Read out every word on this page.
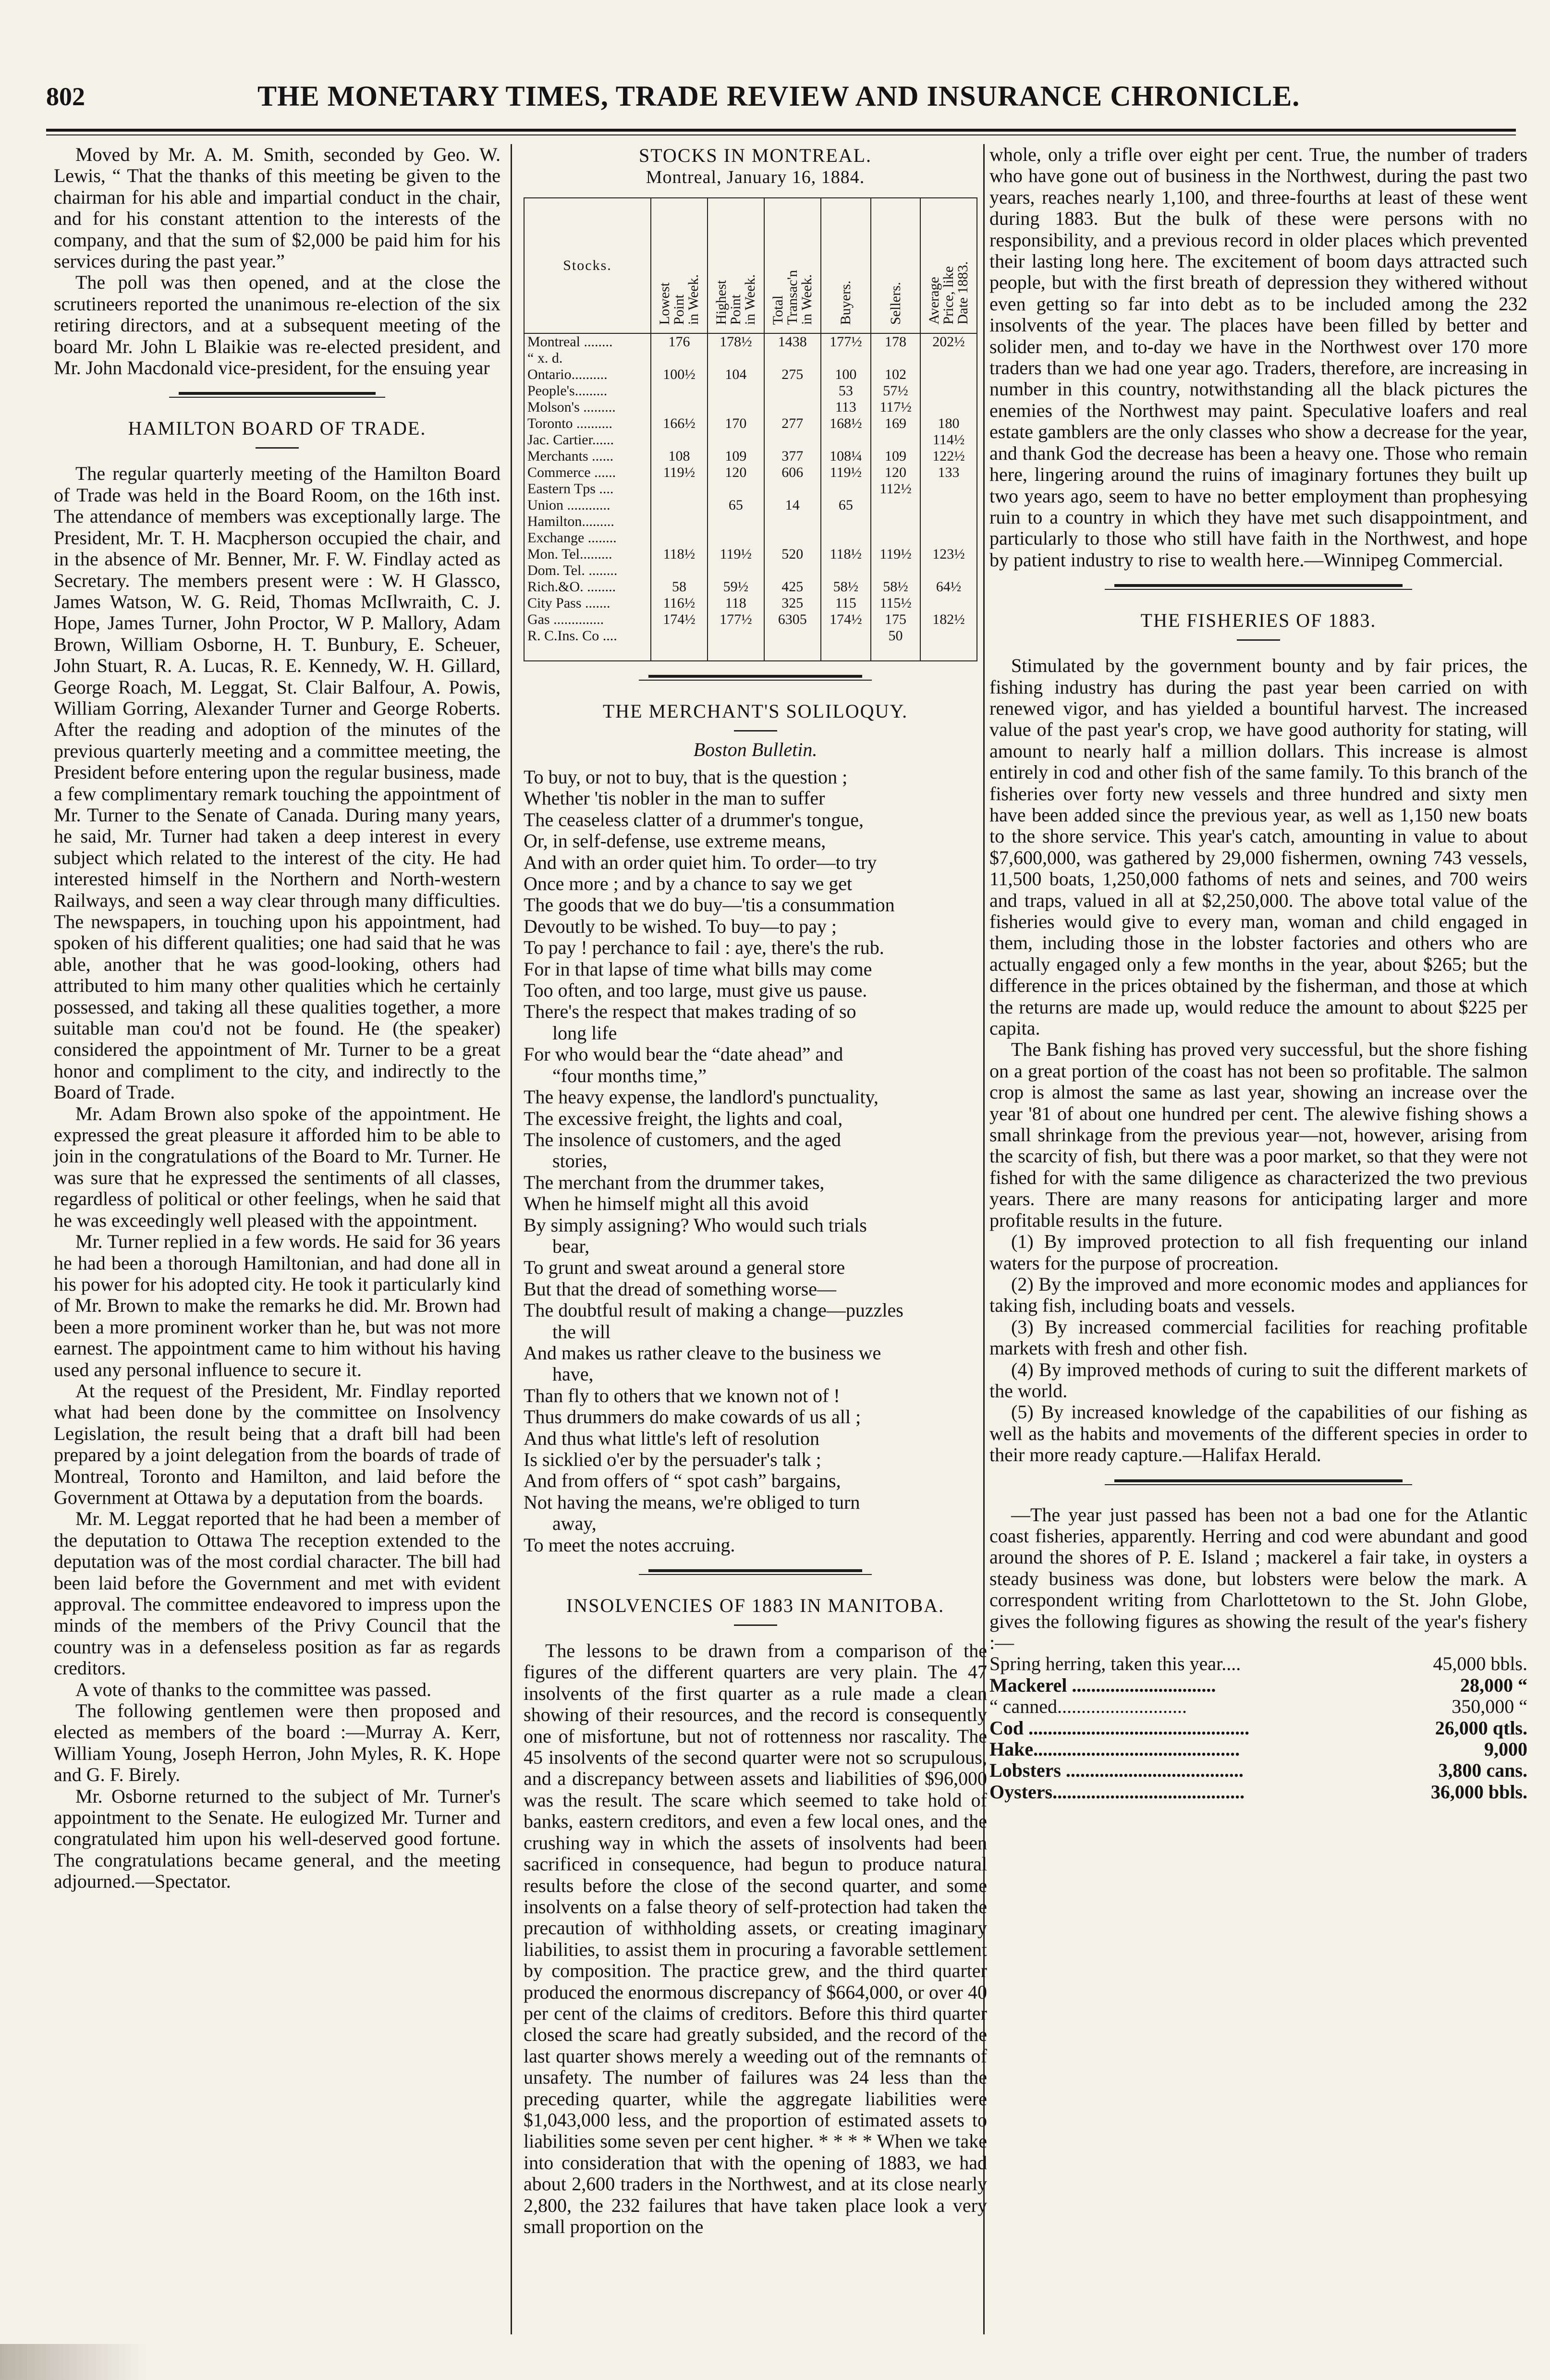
802	THE MONETARY TIMES, TRADE REVIEW AND INSURANCE CHRONICLE.

Moved by Mr. A. M. Smith, seconded by Geo. W. Lewis, “ That the thanks of this meeting be given to the chairman for his able and impartial conduct in the chair, and for his constant attention to the interests of the company, and that the sum of $2,000 be paid him for his services during the past year.”

The poll was then opened, and at the close the scrutineers reported the unanimous re-election of the six retiring directors, and at a subsequent meeting of the board Mr. John L Blaikie was re-elected president, and Mr. John Macdonald vice-president, for the ensuing year

HAMILTON BOARD OF TRADE.

The regular quarterly meeting of the Hamilton Board of Trade was held in the Board Room, on the 16th inst. The attendance of members was exceptionally large. The President, Mr. T. H. Macpherson occupied the chair, and in the absence of Mr. Benner, Mr. F. W. Findlay acted as Secretary. The members present were : W. H Glassco, James Watson, W. G. Reid, Thomas McIlwraith, C. J. Hope, James Turner, John Proctor, W P. Mallory, Adam Brown, William Osborne, H. T. Bunbury, E. Scheuer, John Stuart, R. A. Lucas, R. E. Kennedy, W. H. Gillard, George Roach, M. Leggat, St. Clair Balfour, A. Powis, William Gorring, Alexander Turner and George Roberts. After the reading and adoption of the minutes of the previous quarterly meeting and a committee meeting, the President before entering upon the regular business, made a few complimentary remark touching the appointment of Mr. Turner to the Senate of Canada. During many years, he said, Mr. Turner had taken a deep interest in every subject which related to the interest of the city. He had interested himself in the Northern and North-western Railways, and seen a way clear through many difficulties. The newspapers, in touching upon his appointment, had spoken of his different qualities; one had said that he was able, another that he was good-looking, others had attributed to him many other qualities which he certainly possessed, and taking all these qualities together, a more suitable man cou'd not be found. He (the speaker) considered the appointment of Mr. Turner to be a great honor and compliment to the city, and indirectly to the Board of Trade.

Mr. Adam Brown also spoke of the appointment. He expressed the great pleasure it afforded him to be able to join in the congratulations of the Board to Mr. Turner. He was sure that he expressed the sentiments of all classes, regardless of political or other feelings, when he said that he was exceedingly well pleased with the appointment.

Mr. Turner replied in a few words. He said for 36 years he had been a thorough Hamiltonian, and had done all in his power for his adopted city. He took it particularly kind of Mr. Brown to make the remarks he did. Mr. Brown had been a more prominent worker than he, but was not more earnest. The appointment came to him without his having used any personal influence to secure it.

At the request of the President, Mr. Findlay reported what had been done by the committee on Insolvency Legislation, the result being that a draft bill had been prepared by a joint delegation from the boards of trade of Montreal, Toronto and Hamilton, and laid before the Government at Ottawa by a deputation from the boards.

Mr. M. Leggat reported that he had been a member of the deputation to Ottawa The reception extended to the deputation was of the most cordial character. The bill had been laid before the Government and met with evident approval. The committee endeavored to impress upon the minds of the members of the Privy Council that the country was in a defenseless position as far as regards creditors.

A vote of thanks to the committee was passed.

The following gentlemen were then proposed and elected as members of the board :—Murray A. Kerr, William Young, Joseph Herron, John Myles, R. K. Hope and G. F. Birely.

Mr. Osborne returned to the subject of Mr. Turner's appointment to the Senate. He eulogized Mr. Turner and congratulated him upon his well-deserved good fortune. The congratulations became general, and the meeting adjourned.—Spectator.

STOCKS IN MONTREAL.

Montreal, January 16, 1884.

Stocks.	Lowest
Point
in Week.	Highest
Point
in Week.	Total
Transac'n
in Week.	Buyers.	Sellers.	Average
Price, like
Date 1883.
Montreal ........	176	178½	1438	177½	178	202½
“ x. d.						
Ontario..........	100½	104	275	100	102	
People's.........				53	57½	
Molson's .........				113	117½	
Toronto ..........	166½	170	277	168½	169	180
Jac. Cartier......						114½
Merchants ......	108	109	377	108¼	109	122½
Commerce ......	119½	120	606	119½	120	133
Eastern Tps ....					112½	
Union ............		65	14	65		
Hamilton.........						
Exchange ........						
Mon. Tel.........	118½	119½	520	118½	119½	123½
Dom. Tel. ........						
Rich.&O. ........	58	59½	425	58½	58½	64½
City Pass .......	116½	118	325	115	115½	
Gas ..............	174½	177½	6305	174½	175	182½
R. C.Ins. Co ....					50	

THE MERCHANT'S SOLILOQUY.

Boston Bulletin.

To buy, or not to buy, that is the question ;
Whether 'tis nobler in the man to suffer
The ceaseless clatter of a drummer's tongue,
Or, in self-defense, use extreme means,
And with an order quiet him. To order—to try
Once more ; and by a chance to say we get
The goods that we do buy—'tis a consummation
Devoutly to be wished. To buy—to pay ;
To pay ! perchance to fail : aye, there's the rub.
For in that lapse of time what bills may come
Too often, and too large, must give us pause.
There's the respect that makes trading of so
long life
For who would bear the “date ahead” and
“four months time,”
The heavy expense, the landlord's punctuality,
The excessive freight, the lights and coal,
The insolence of customers, and the aged
stories,
The merchant from the drummer takes,
When he himself might all this avoid
By simply assigning? Who would such trials
bear,
To grunt and sweat around a general store
But that the dread of something worse—
The doubtful result of making a change—puzzles
the will
And makes us rather cleave to the business we
have,
Than fly to others that we known not of !
Thus drummers do make cowards of us all ;
And thus what little's left of resolution
Is sicklied o'er by the persuader's talk ;
And from offers of “ spot cash” bargains,
Not having the means, we're obliged to turn
away,
To meet the notes accruing.

INSOLVENCIES OF 1883 IN MANITOBA.

The lessons to be drawn from a comparison of the figures of the different quarters are very plain. The 47 insolvents of the first quarter as a rule made a clean showing of their resources, and the record is consequently one of misfortune, but not of rottenness nor rascality. The 45 insolvents of the second quarter were not so scrupulous, and a discrepancy between assets and liabilities of $96,000 was the result. The scare which seemed to take hold of banks, eastern creditors, and even a few local ones, and the crushing way in which the assets of insolvents had been sacrificed in consequence, had begun to produce natural results before the close of the second quarter, and some insolvents on a false theory of self-protection had taken the precaution of withholding assets, or creating imaginary liabilities, to assist them in procuring a favorable settlement by composition. The practice grew, and the third quarter produced the enormous discrepancy of $664,000, or over 40 per cent of the claims of creditors. Before this third quarter closed the scare had greatly subsided, and the record of the last quarter shows merely a weeding out of the remnants of unsafety. The number of failures was 24 less than the preceding quarter, while the aggregate liabilities were $1,043,000 less, and the proportion of estimated assets to liabilities some seven per cent higher. * * * * When we take into consideration that with the opening of 1883, we had about 2,600 traders in the Northwest, and at its close nearly 2,800, the 232 failures that have taken place look a very small proportion on the

whole, only a trifle over eight per cent. True, the number of traders who have gone out of business in the Northwest, during the past two years, reaches nearly 1,100, and three-fourths at least of these went during 1883. But the bulk of these were persons with no responsibility, and a previous record in older places which prevented their lasting long here. The excitement of boom days attracted such people, but with the first breath of depression they withered without even getting so far into debt as to be included among the 232 insolvents of the year. The places have been filled by better and solider men, and to-day we have in the Northwest over 170 more traders than we had one year ago. Traders, therefore, are increasing in number in this country, notwithstanding all the black pictures the enemies of the Northwest may paint. Speculative loafers and real estate gamblers are the only classes who show a decrease for the year, and thank God the decrease has been a heavy one. Those who remain here, lingering around the ruins of imaginary fortunes they built up two years ago, seem to have no better employment than prophesying ruin to a country in which they have met such disappointment, and particularly to those who still have faith in the Northwest, and hope by patient industry to rise to wealth here.—Winnipeg Commercial.

THE FISHERIES OF 1883.

Stimulated by the government bounty and by fair prices, the fishing industry has during the past year been carried on with renewed vigor, and has yielded a bountiful harvest. The increased value of the past year's crop, we have good authority for stating, will amount to nearly half a million dollars. This increase is almost entirely in cod and other fish of the same family. To this branch of the fisheries over forty new vessels and three hundred and sixty men have been added since the previous year, as well as 1,150 new boats to the shore service. This year's catch, amounting in value to about $7,600,000, was gathered by 29,000 fishermen, owning 743 vessels, 11,500 boats, 1,250,000 fathoms of nets and seines, and 700 weirs and traps, valued in all at $2,250,000. The above total value of the fisheries would give to every man, woman and child engaged in them, including those in the lobster factories and others who are actually engaged only a few months in the year, about $265; but the difference in the prices obtained by the fisherman, and those at which the returns are made up, would reduce the amount to about $225 per capita.

The Bank fishing has proved very successful, but the shore fishing on a great portion of the coast has not been so profitable. The salmon crop is almost the same as last year, showing an increase over the year '81 of about one hundred per cent. The alewive fishing shows a small shrinkage from the previous year—not, however, arising from the scarcity of fish, but there was a poor market, so that they were not fished for with the same diligence as characterized the two previous years. There are many reasons for anticipating larger and more profitable results in the future.

(1) By improved protection to all fish frequenting our inland waters for the purpose of procreation.

(2) By the improved and more economic modes and appliances for taking fish, including boats and vessels.

(3) By increased commercial facilities for reaching profitable markets with fresh and other fish.

(4) By improved methods of curing to suit the different markets of the world.

(5) By increased knowledge of the capabilities of our fishing as well as the habits and movements of the different species in order to their more ready capture.—Halifax Herald.

—The year just passed has been not a bad one for the Atlantic coast fisheries, apparently. Herring and cod were abundant and good around the shores of P. E. Island ; mackerel a fair take, in oysters a steady business was done, but lobsters were below the mark. A correspondent writing from Charlottetown to the St. John Globe, gives the following figures as showing the result of the year's fishery :—

Spring herring, taken this year....	45,000 bbls.
Mackerel ..............................	28,000 “
“ canned...........................	350,000 “
Cod ..............................................	26,000 qtls.
Hake...........................................	9,000
Lobsters .....................................	3,800 cans.
Oysters........................................	36,000 bbls.
